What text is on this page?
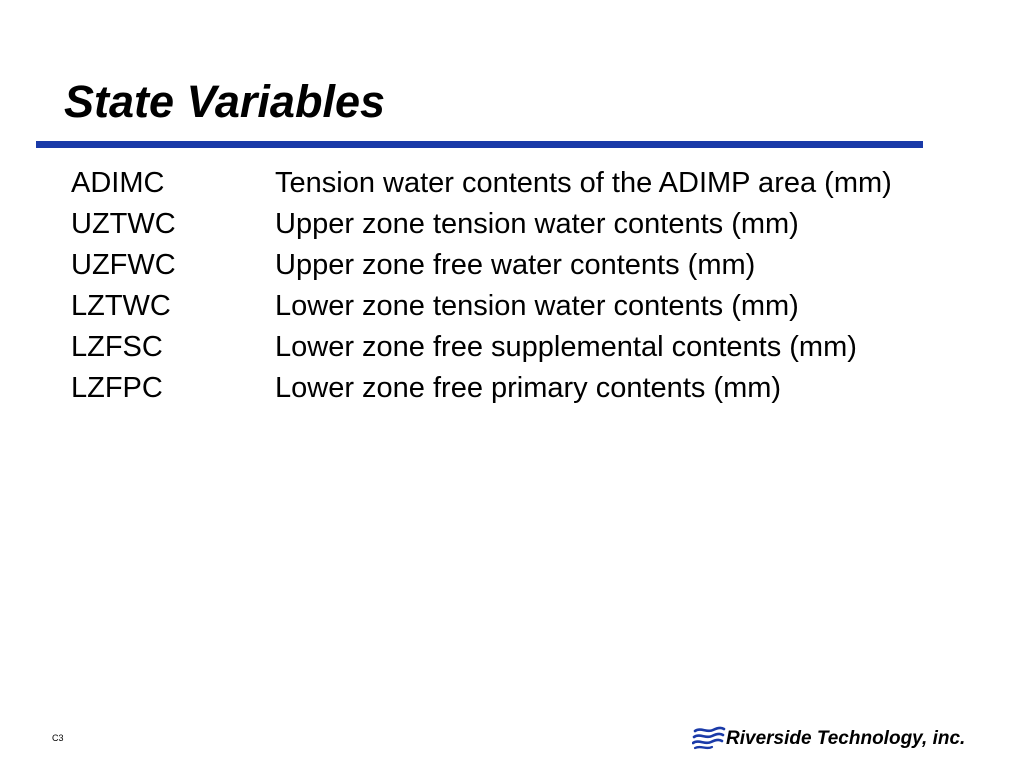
State Variables
ADIMC	Tension water contents of the ADIMP area (mm)
UZTWC	Upper zone tension water contents (mm)
UZFWC	Upper zone free water contents (mm)
LZTWC	Lower zone tension water contents (mm)
LZFSC	Lower zone free supplemental contents (mm)
LZFPC	Lower zone free primary contents (mm)
C3	Riverside Technology, inc.
